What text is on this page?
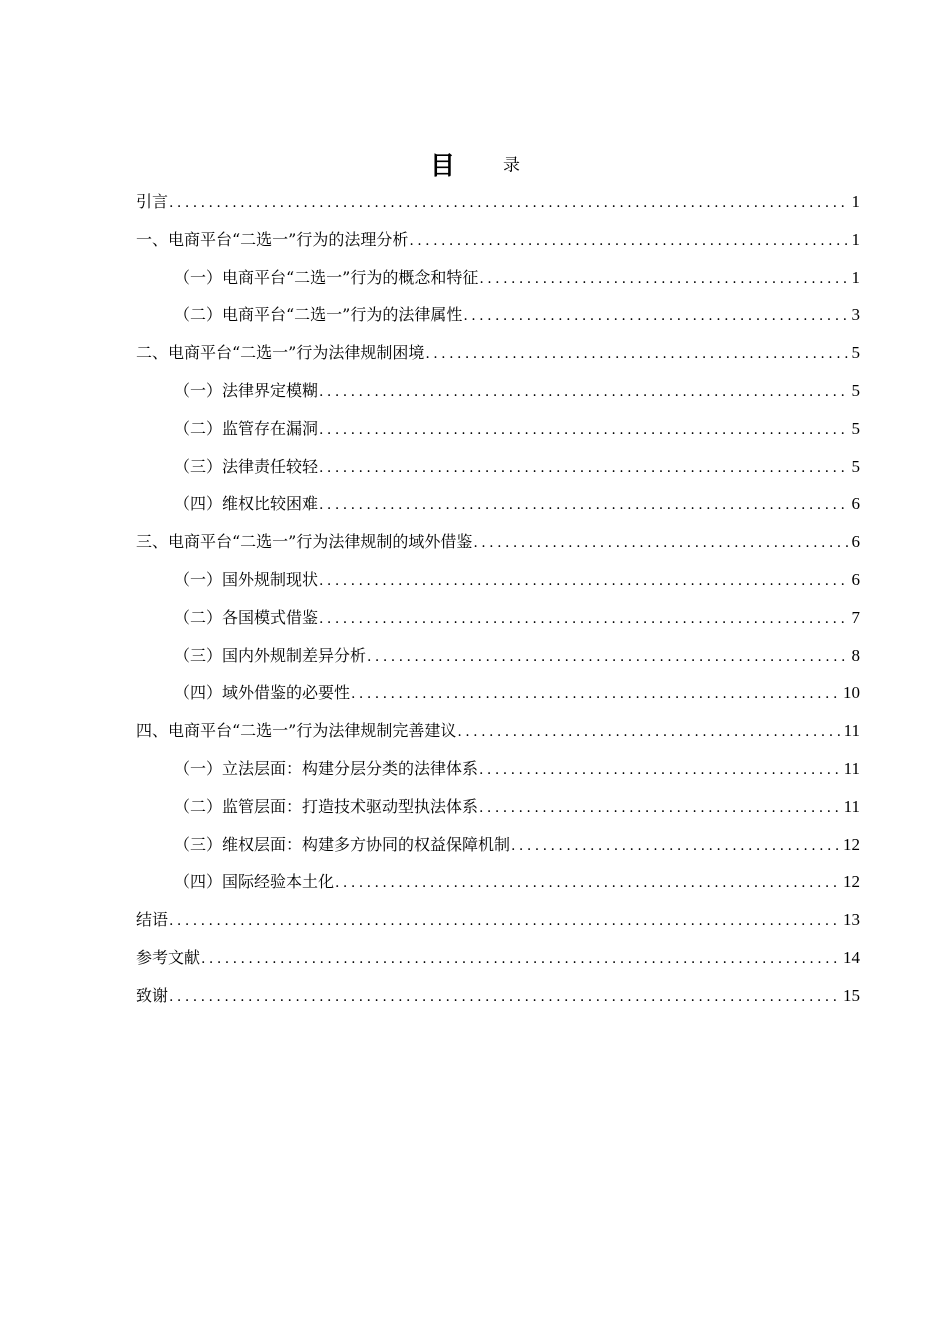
目	录
引言 . . .	1
一、电商平台“二选一”行为的法理分析 . . .	1
（一）电商平台“二选一”行为的概念和特征 . . .	1
（二）电商平台“二选一”行为的法律属性 . . .	3
二、电商平台“二选一”行为法律规制困境 . . .	5
（一）法律界定模糊 . . .	5
（二）监管存在漏洞 . . .	5
（三）法律责任较轻 . . .	5
（四）维权比较困难 . . .	6
三、电商平台“二选一”行为法律规制的域外借鉴 . . .	6
（一）国外规制现状 . . .	6
（二）各国模式借鉴 . . .	7
（三）国内外规制差异分析 . . .	8
（四）域外借鉴的必要性 . . .	10
四、电商平台“二选一”行为法律规制完善建议 . . .	11
（一）立法层面：构建分层分类的法律体系 . . .	11
（二）监管层面：打造技术驱动型执法体系 . . .	11
（三）维权层面：构建多方协同的权益保障机制 . . .	12
（四）国际经验本土化 . . .	12
结语 . . .	13
参考文献 . . .	14
致谢 . . .	15
